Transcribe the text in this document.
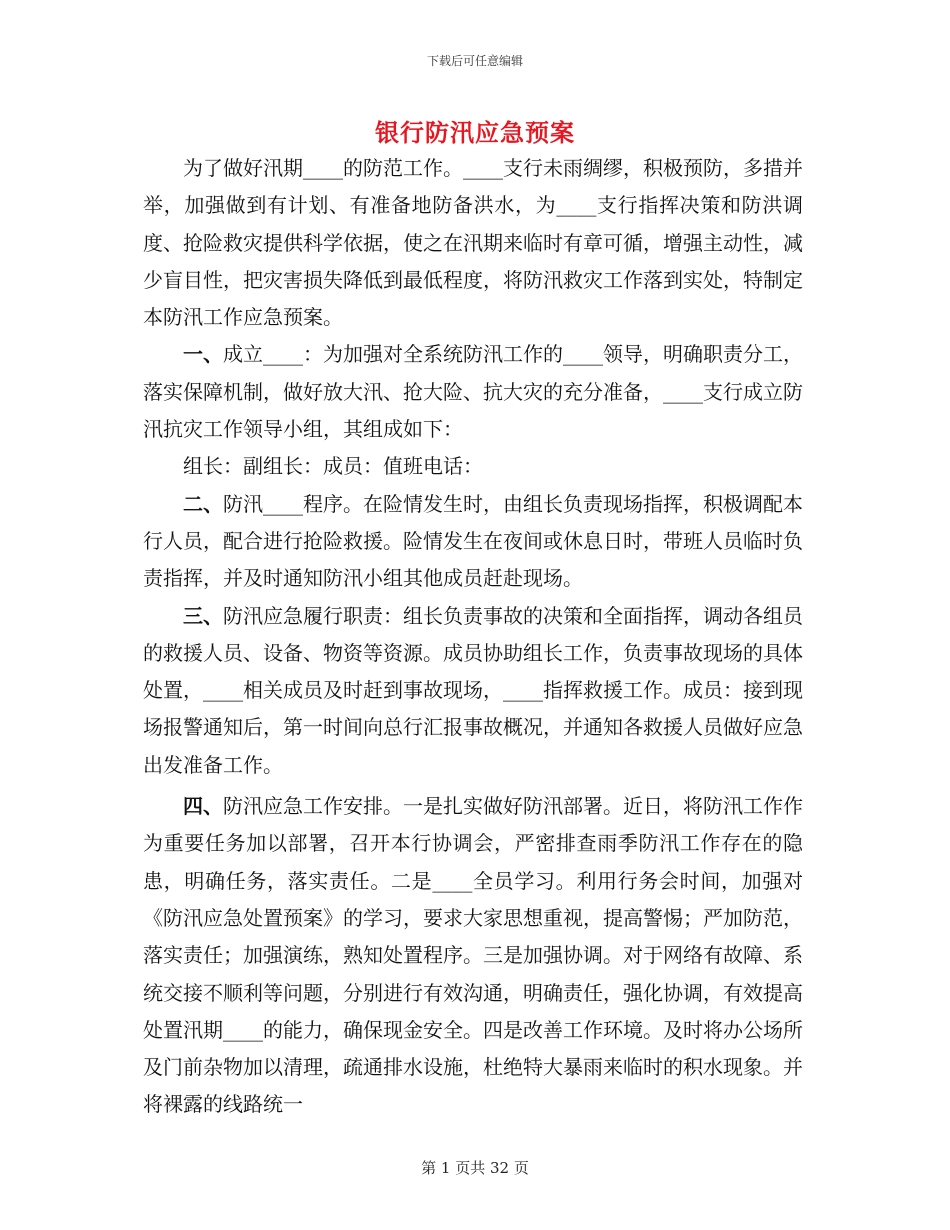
下载后可任意编辑
银行防汛应急预案

为了做好汛期____的防范工作。____支行未雨绸缪，积极预防，多措并举，加强做到有计划、有准备地防备洪水，为____支行指挥决策和防洪调度、抢险救灾提供科学依据，使之在汛期来临时有章可循，增强主动性，减少盲目性，把灾害损失降低到最低程度，将防汛救灾工作落到实处，特制定本防汛工作应急预案。

一、成立____：为加强对全系统防汛工作的____领导，明确职责分工，落实保障机制，做好放大汛、抢大险、抗大灾的充分准备，____支行成立防汛抗灾工作领导小组，其组成如下：

组长：副组长：成员：值班电话：

二、防汛____程序。在险情发生时，由组长负责现场指挥，积极调配本行人员，配合进行抢险救援。险情发生在夜间或休息日时，带班人员临时负责指挥，并及时通知防汛小组其他成员赶赴现场。

三、防汛应急履行职责：组长负责事故的决策和全面指挥，调动各组员的救援人员、设备、物资等资源。成员协助组长工作，负责事故现场的具体处置，____相关成员及时赶到事故现场，____指挥救援工作。成员：接到现场报警通知后，第一时间向总行汇报事故概况，并通知各救援人员做好应急出发准备工作。

四、防汛应急工作安排。一是扎实做好防汛部署。近日，将防汛工作作为重要任务加以部署，召开本行协调会，严密排查雨季防汛工作存在的隐患，明确任务，落实责任。二是____全员学习。利用行务会时间，加强对《防汛应急处置预案》的学习，要求大家思想重视，提高警惕；严加防范，落实责任；加强演练，熟知处置程序。三是加强协调。对于网络有故障、系统交接不顺利等问题，分别进行有效沟通，明确责任，强化协调，有效提高处置汛期____的能力，确保现金安全。四是改善工作环境。及时将办公场所及门前杂物加以清理，疏通排水设施，杜绝特大暴雨来临时的积水现象。并将裸露的线路统一

第 1 页共 32 页
